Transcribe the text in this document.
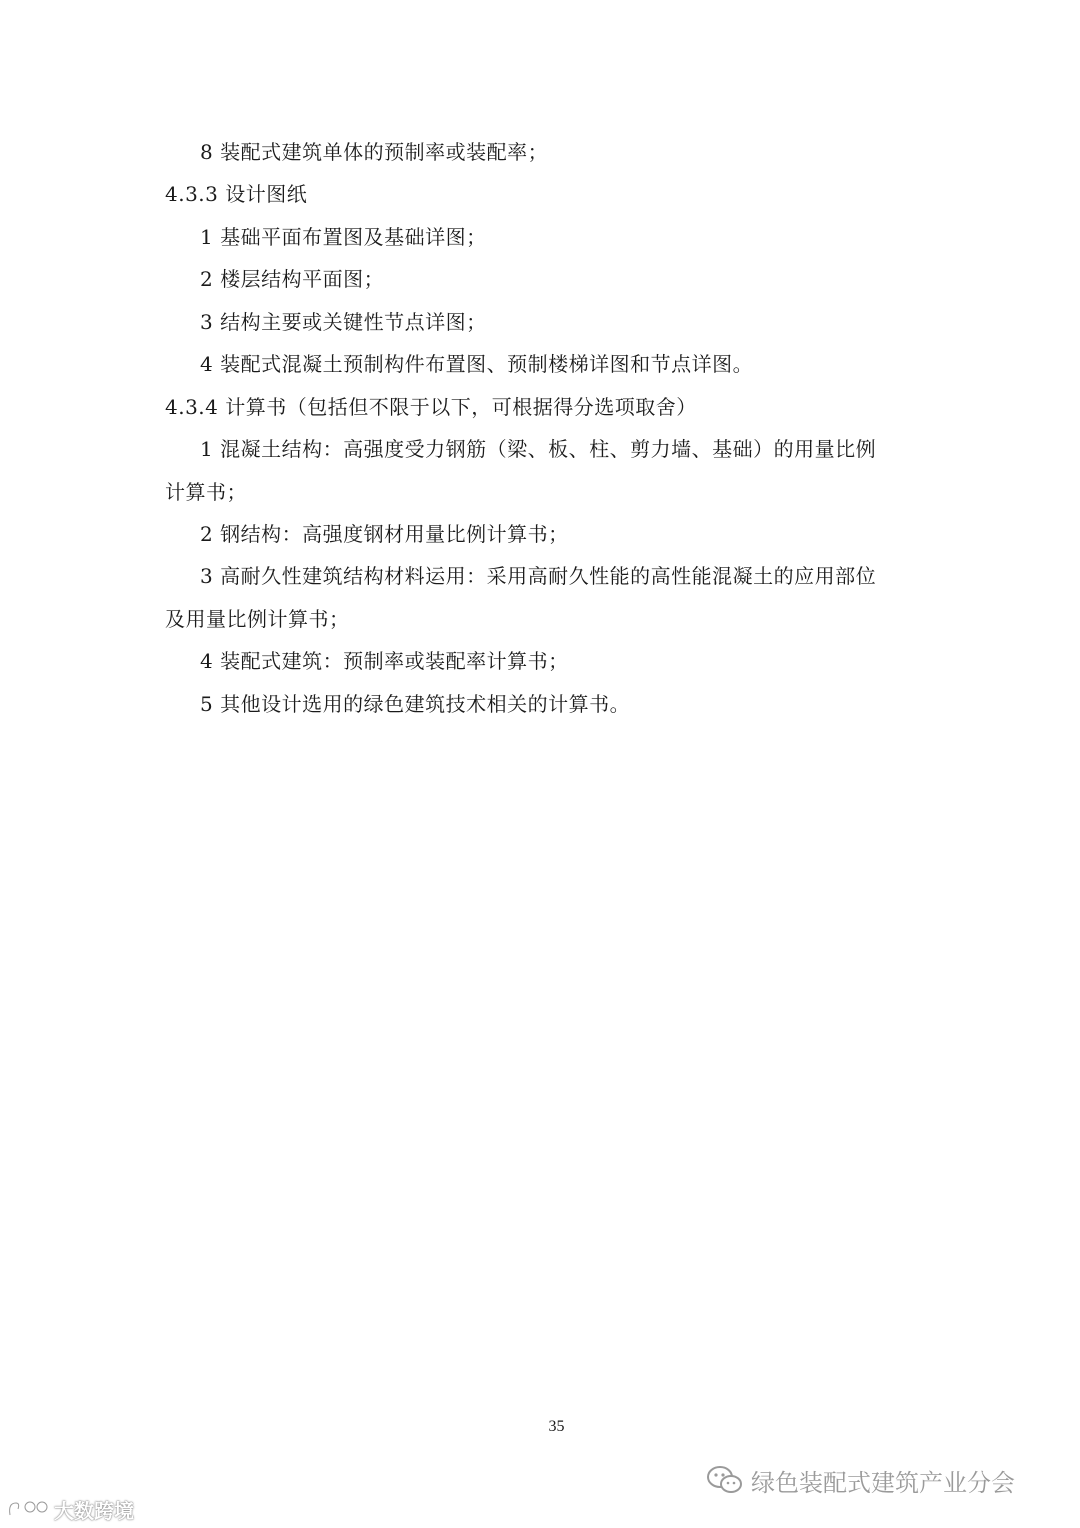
8 装配式建筑单体的预制率或装配率；
4.3.3 设计图纸
1 基础平面布置图及基础详图；
2 楼层结构平面图；
3 结构主要或关键性节点详图；
4 装配式混凝土预制构件布置图、预制楼梯详图和节点详图。
4.3.4 计算书（包括但不限于以下，可根据得分选项取舍）
1 混凝土结构：高强度受力钢筋（梁、板、柱、剪力墙、基础）的用量比例
计算书；
2 钢结构：高强度钢材用量比例计算书；
3 高耐久性建筑结构材料运用：采用高耐久性能的高性能混凝土的应用部位
及用量比例计算书；
4 装配式建筑：预制率或装配率计算书；
5 其他设计选用的绿色建筑技术相关的计算书。
35
绿色装配式建筑产业分会
大数跨境
